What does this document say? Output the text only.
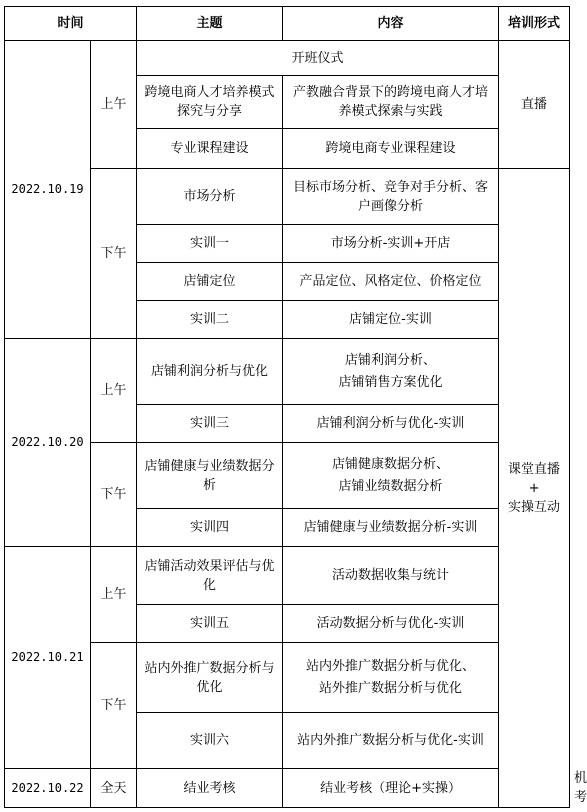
时间		主题	内容	培训形式	
2022.10.19	上午	开班仪式		直播	
		跨境电商人才培养模式探究与分享	产教融合背景下的跨境电商人才培养模式探索与实践		
		专业课程建设	跨境电商专业课程建设		
	下午	市场分析	目标市场分析、竞争对手分析、客户画像分析	课堂直播
+
实操互动	

		实训一	市场分析-实训+开店		
		店铺定位	产品定位、风格定位、价格定位		
		实训二	店铺定位-实训		
2022.10.20	上午	店铺利润分析与优化	店铺利润分析、
店铺销售方案优化		

		实训三	店铺利润分析与优化-实训		
	下午	店铺健康与业绩数据分析	店铺健康数据分析、
店铺业绩数据分析		

		实训四	店铺健康与业绩数据分析-实训		
2022.10.21	上午	店铺活动效果评估与优化	活动数据收集与统计		
		实训五	活动数据分析与优化-实训		
	下午	站内外推广数据分析与优化	站内外推广数据分析与优化、
站外推广数据分析与优化		

		实训六	站内外推广数据分析与优化-实训		
2022.10.22	全天	结业考核	结业考核（理论+实操）		机考
